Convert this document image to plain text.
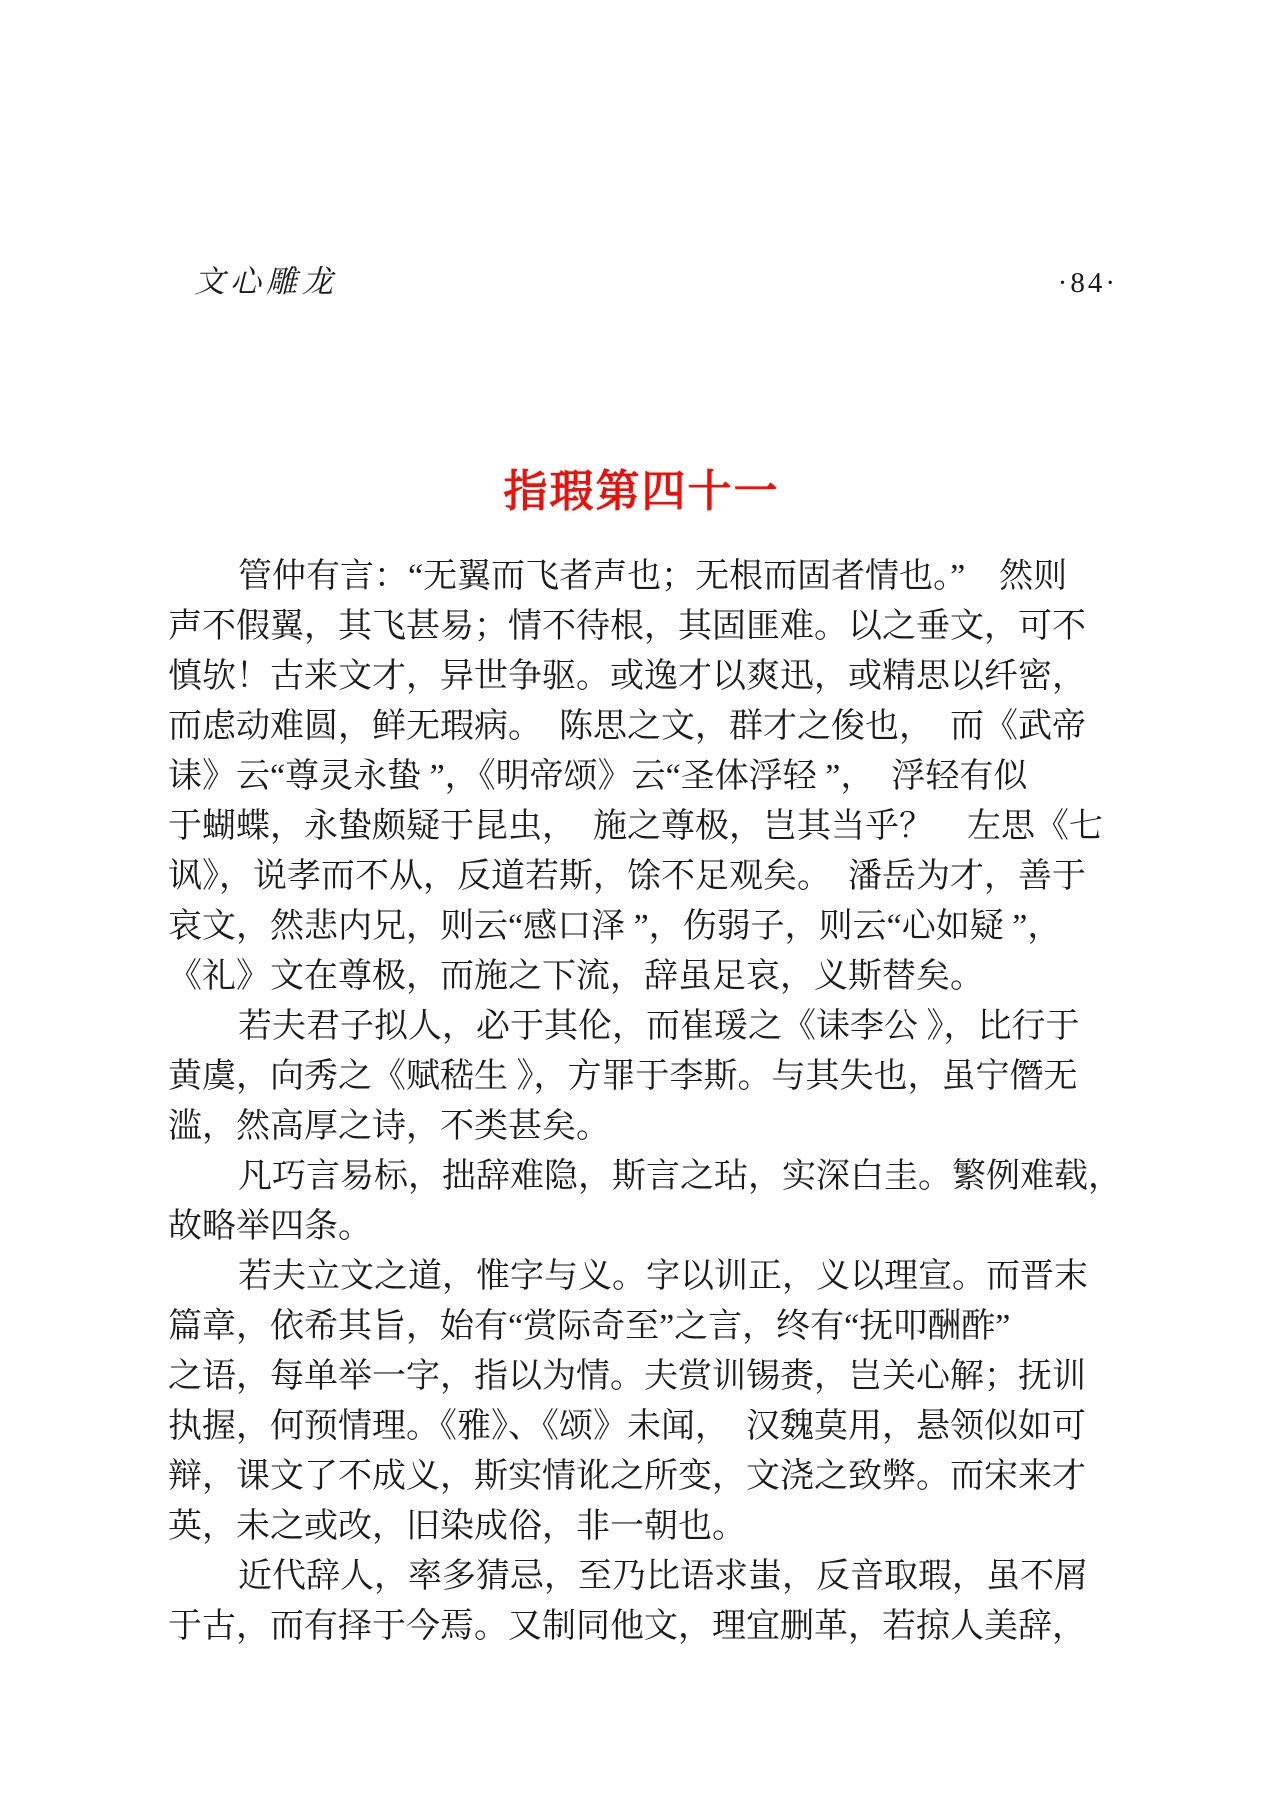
文心雕龙	·84·
指瑕第四十一
管仲有言：“无翼而飞者声也；无根而固者情也。”　然则
声不假翼，其飞甚易；情不待根，其固匪难。以之垂文，可不
慎欤！古来文才，异世争驱。或逸才以爽迅，或精思以纤密，
而虑动难圆，鲜无瑕病。　陈思之文，群才之俊也，　而《武帝
诔》云“尊灵永蛰 ”，《明帝颂》云“圣体浮轻 ”，　浮轻有似
于蝴蝶，永蛰颇疑于昆虫，　施之尊极，岂其当乎？　左思《七
讽》，说孝而不从，反道若斯，馀不足观矣。　潘岳为才，善于
哀文，然悲内兄，则云“感口泽 ”，伤弱子，则云“心如疑 ”，
《礼》文在尊极，而施之下流，辞虽足哀，义斯替矣。
若夫君子拟人，必于其伦，而崔瑗之《诔李公 》，比行于
黄虞，向秀之《赋嵇生 》，方罪于李斯。与其失也，虽宁僭无
滥，然高厚之诗，不类甚矣。
凡巧言易标，拙辞难隐，斯言之玷，实深白圭。繁例难载，
故略举四条。
若夫立文之道，惟字与义。字以训正，义以理宣。而晋末
篇章，依希其旨，始有“赏际奇至”之言，终有“抚叩酬酢”
之语，每单举一字，指以为情。夫赏训锡赉，岂关心解；抚训
执握，何预情理。《雅》、《颂》未闻，　汉魏莫用，悬领似如可
辩，课文了不成义，斯实情讹之所变，文浇之致弊。而宋来才
英，未之或改，旧染成俗，非一朝也。
近代辞人，率多猜忌，至乃比语求蚩，反音取瑕，虽不屑
于古，而有择于今焉。又制同他文，理宜删革，若掠人美辞，
